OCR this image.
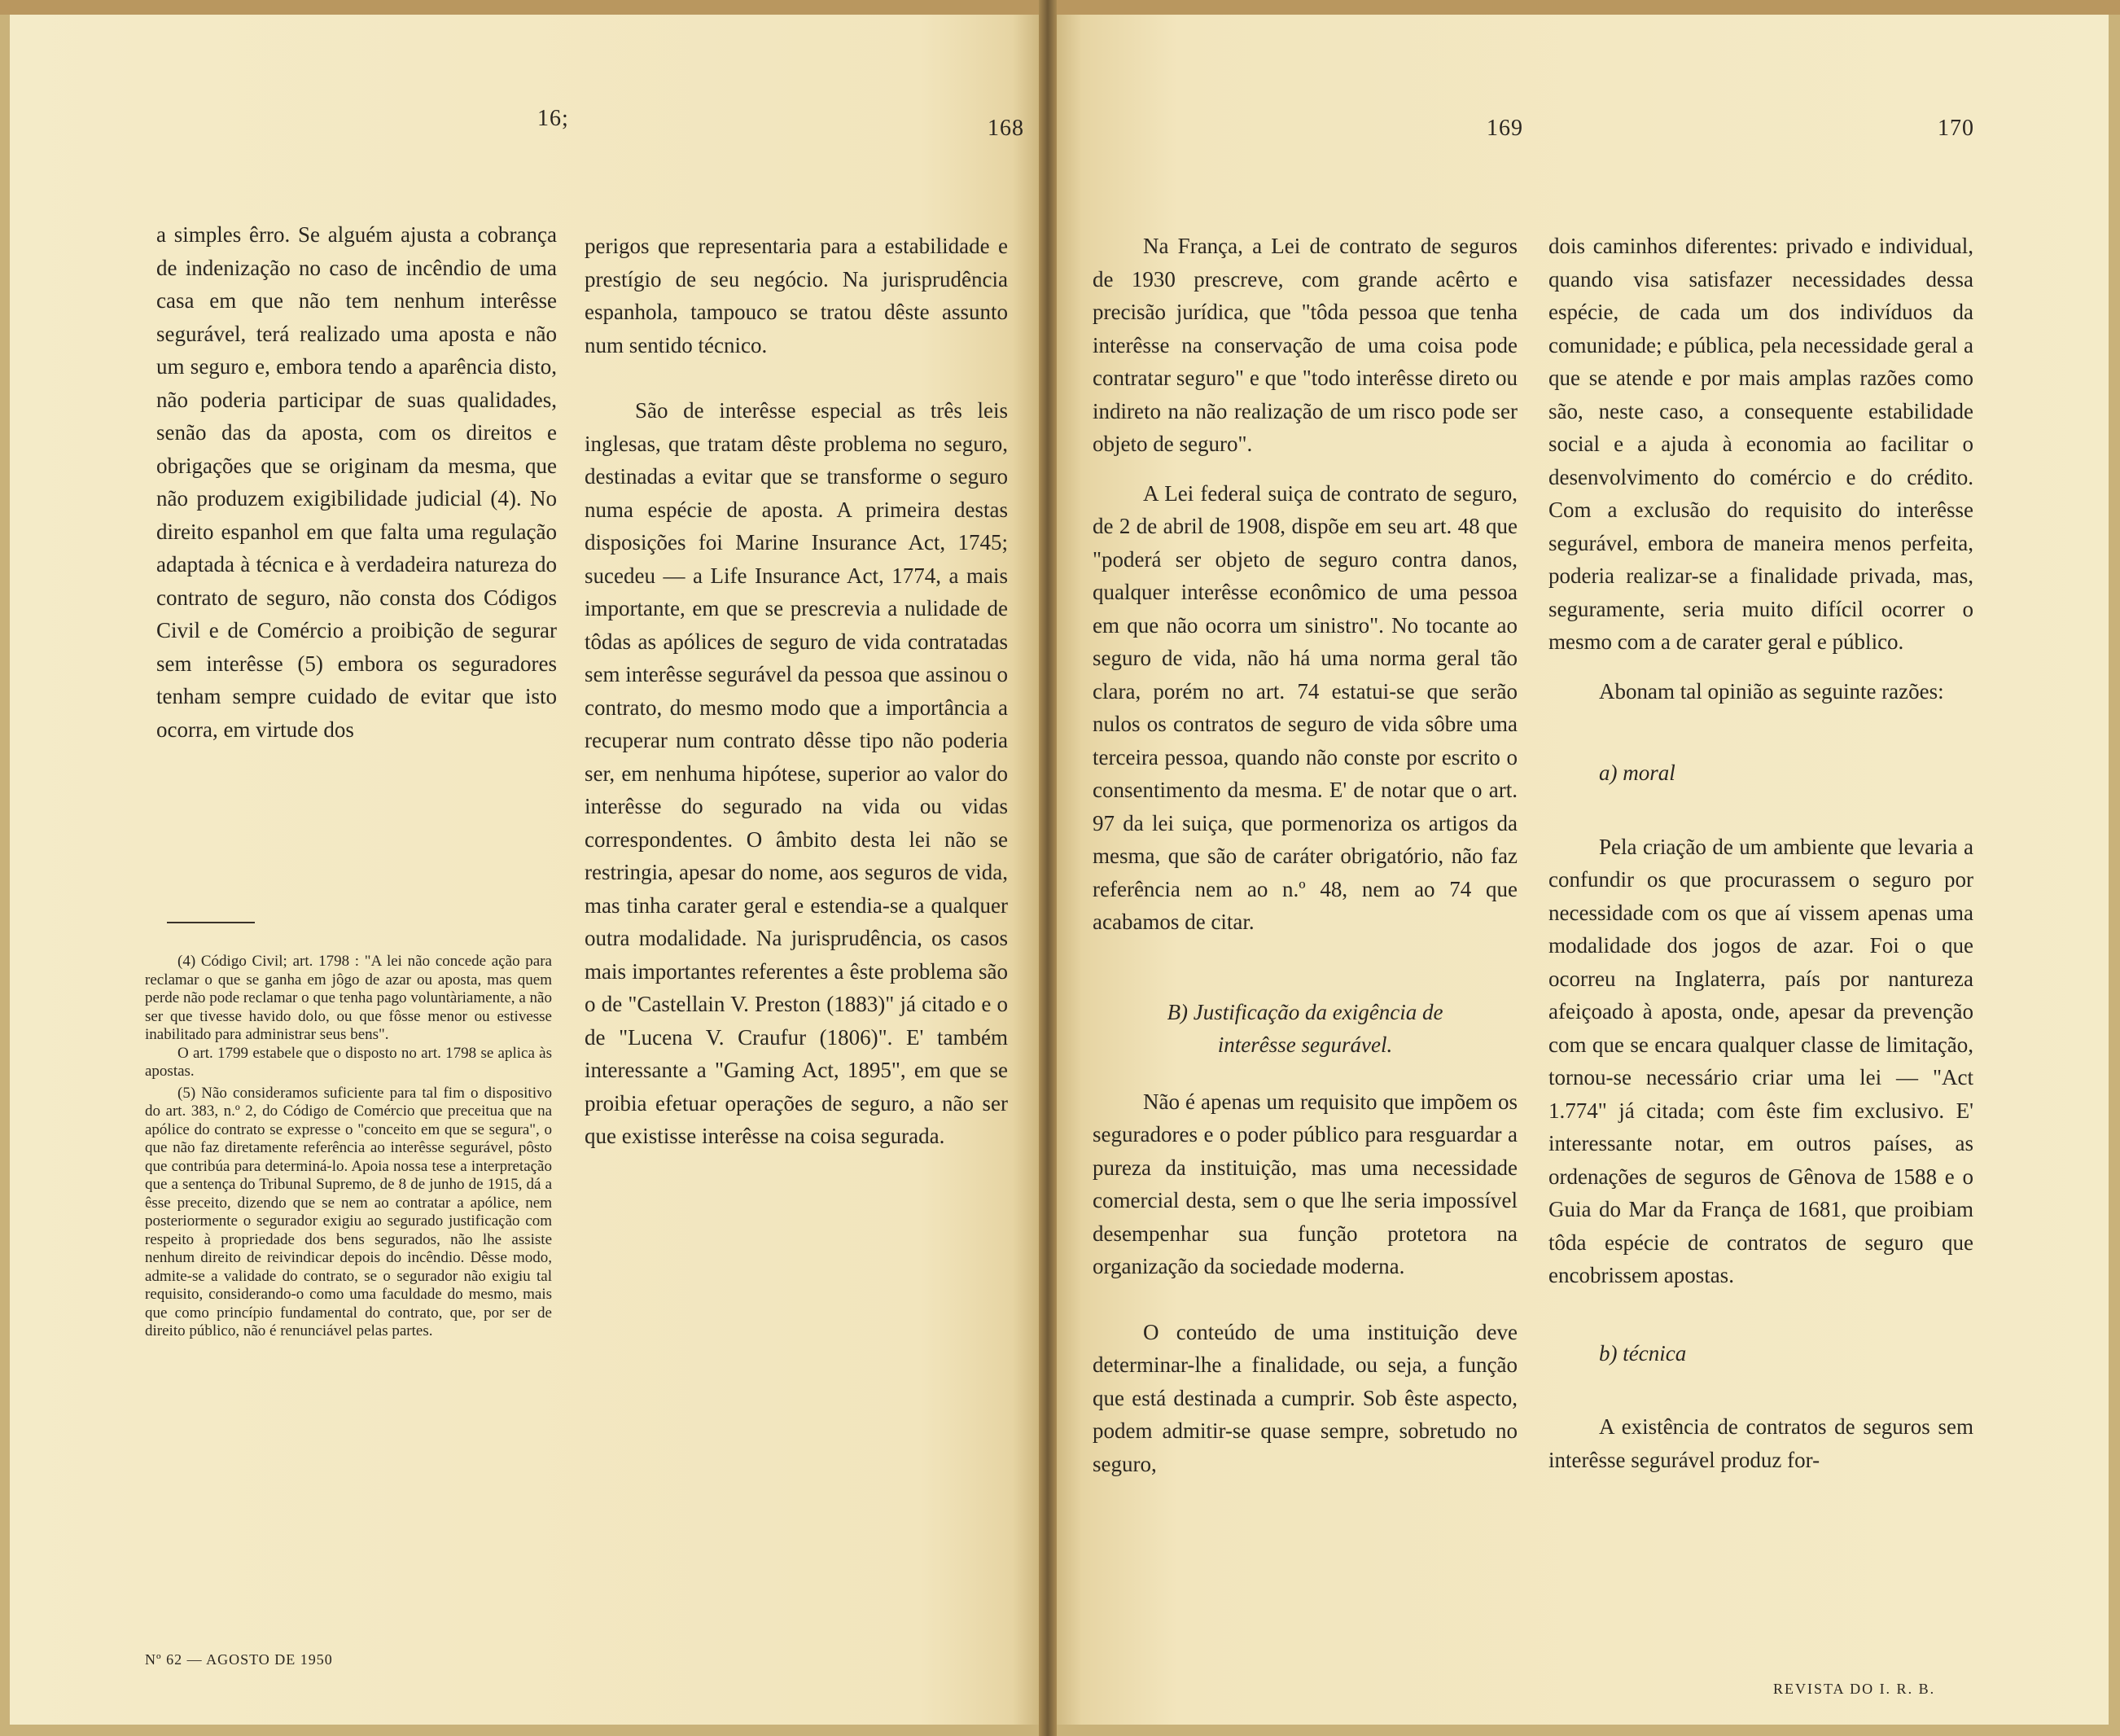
16;	168	169	170

a simples êrro. Se alguém ajusta a cobrança de indenização no caso de incêndio de uma casa em que não tem nenhum interêsse segurável, terá realizado uma aposta e não um seguro e, embora tendo a aparência disto, não poderia participar de suas qualidades, senão das da aposta, com os direitos e obrigações que se originam da mesma, que não produzem exigibilidade judicial (4). No direito espanhol em que falta uma regulação adaptada à técnica e à verdadeira natureza do contrato de seguro, não consta dos Códigos Civil e de Comércio a proibição de segurar sem interêsse (5) embora os seguradores tenham sempre cuidado de evitar que isto ocorra, em virtude dos

(4) Código Civil; art. 1798 : "A lei não concede ação para reclamar o que se ganha em jôgo de azar ou aposta, mas quem perde não pode reclamar o que tenha pago voluntàriamente, a não ser que tivesse havido dolo, ou que fôsse menor ou estivesse inabilitado para administrar seus bens".

O art. 1799 estabele que o disposto no art. 1798 se aplica às apostas.

(5) Não consideramos suficiente para tal fim o dispositivo do art. 383, n.º 2, do Código de Comércio que preceitua que na apólice do contrato se expresse o "conceito em que se segura", o que não faz diretamente referência ao interêsse segurável, pôsto que contribúa para determiná-lo. Apoia nossa tese a interpretação que a sentença do Tribunal Supremo, de 8 de junho de 1915, dá a êsse preceito, dizendo que se nem ao contratar a apólice, nem posteriormente o segurador exigiu ao segurado justificação com respeito à propriedade dos bens segurados, não lhe assiste nenhum direito de reivindicar depois do incêndio. Dêsse modo, admite-se a validade do contrato, se o segurador não exigiu tal requisito, considerando-o como uma faculdade do mesmo, mais que como princípio fundamental do contrato, que, por ser de direito público, não é renunciável pelas partes.

Nº 62 — AGOSTO DE 1950

perigos que representaria para a estabilidade e prestígio de seu negócio. Na jurisprudência espanhola, tampouco se tratou dêste assunto num sentido técnico.

São de interêsse especial as três leis inglesas, que tratam dêste problema no seguro, destinadas a evitar que se transforme o seguro numa espécie de aposta. A primeira destas disposições foi Marine Insurance Act, 1745; sucedeu — a Life Insurance Act, 1774, a mais importante, em que se prescrevia a nulidade de tôdas as apólices de seguro de vida contratadas sem interêsse segurável da pessoa que assinou o contrato, do mesmo modo que a importância a recuperar num contrato dêsse tipo não poderia ser, em nenhuma hipótese, superior ao valor do interêsse do segurado na vida ou vidas correspondentes. O âmbito desta lei não se restringia, apesar do nome, aos seguros de vida, mas tinha carater geral e estendia-se a qualquer outra modalidade. Na jurisprudência, os casos mais importantes referentes a êste problema são o de "Castellain V. Preston (1883)" já citado e o de "Lucena V. Craufur (1806)". E' também interessante a "Gaming Act, 1895", em que se proibia efetuar operações de seguro, a não ser que existisse interêsse na coisa segurada.

Na França, a Lei de contrato de seguros de 1930 prescreve, com grande acêrto e precisão jurídica, que "tôda pessoa que tenha interêsse na conservação de uma coisa pode contratar seguro" e que "todo interêsse direto ou indireto na não realização de um risco pode ser objeto de seguro".

A Lei federal suiça de contrato de seguro, de 2 de abril de 1908, dispõe em seu art. 48 que "poderá ser objeto de seguro contra danos, qualquer interêsse econômico de uma pessoa em que não ocorra um sinistro". No tocante ao seguro de vida, não há uma norma geral tão clara, porém no art. 74 estatui-se que serão nulos os contratos de seguro de vida sôbre uma terceira pessoa, quando não conste por escrito o consentimento da mesma. E' de notar que o art. 97 da lei suiça, que pormenoriza os artigos da mesma, que são de caráter obrigatório, não faz referência nem ao n.º 48, nem ao 74 que acabamos de citar.

B) Justificação da exigência de

interêsse segurável.

Não é apenas um requisito que impõem os seguradores e o poder público para resguardar a pureza da instituição, mas uma necessidade comercial desta, sem o que lhe seria impossível desempenhar sua função protetora na organização da sociedade moderna.

O conteúdo de uma instituição deve determinar-lhe a finalidade, ou seja, a função que está destinada a cumprir. Sob êste aspecto, podem admitir-se quase sempre, sobretudo no seguro,

dois caminhos diferentes: privado e individual, quando visa satisfazer necessidades dessa espécie, de cada um dos indivíduos da comunidade; e pública, pela necessidade geral a que se atende e por mais amplas razões como são, neste caso, a consequente estabilidade social e a ajuda à economia ao facilitar o desenvolvimento do comércio e do crédito. Com a exclusão do requisito do interêsse segurável, embora de maneira menos perfeita, poderia realizar-se a finalidade privada, mas, seguramente, seria muito difícil ocorrer o mesmo com a de carater geral e público.

Abonam tal opinião as seguinte razões:

a) moral

Pela criação de um ambiente que levaria a confundir os que procurassem o seguro por necessidade com os que aí vissem apenas uma modalidade dos jogos de azar. Foi o que ocorreu na Inglaterra, país por nantureza afeiçoado à aposta, onde, apesar da prevenção com que se encara qualquer classe de limitação, tornou-se necessário criar uma lei — "Act 1.774" já citada; com êste fim exclusivo. E' interessante notar, em outros países, as ordenações de seguros de Gênova de 1588 e o Guia do Mar da França de 1681, que proibiam tôda espécie de contratos de seguro que encobrissem apostas.

b) técnica

A existência de contratos de seguros sem interêsse segurável produz for-

REVISTA DO I. R. B.
